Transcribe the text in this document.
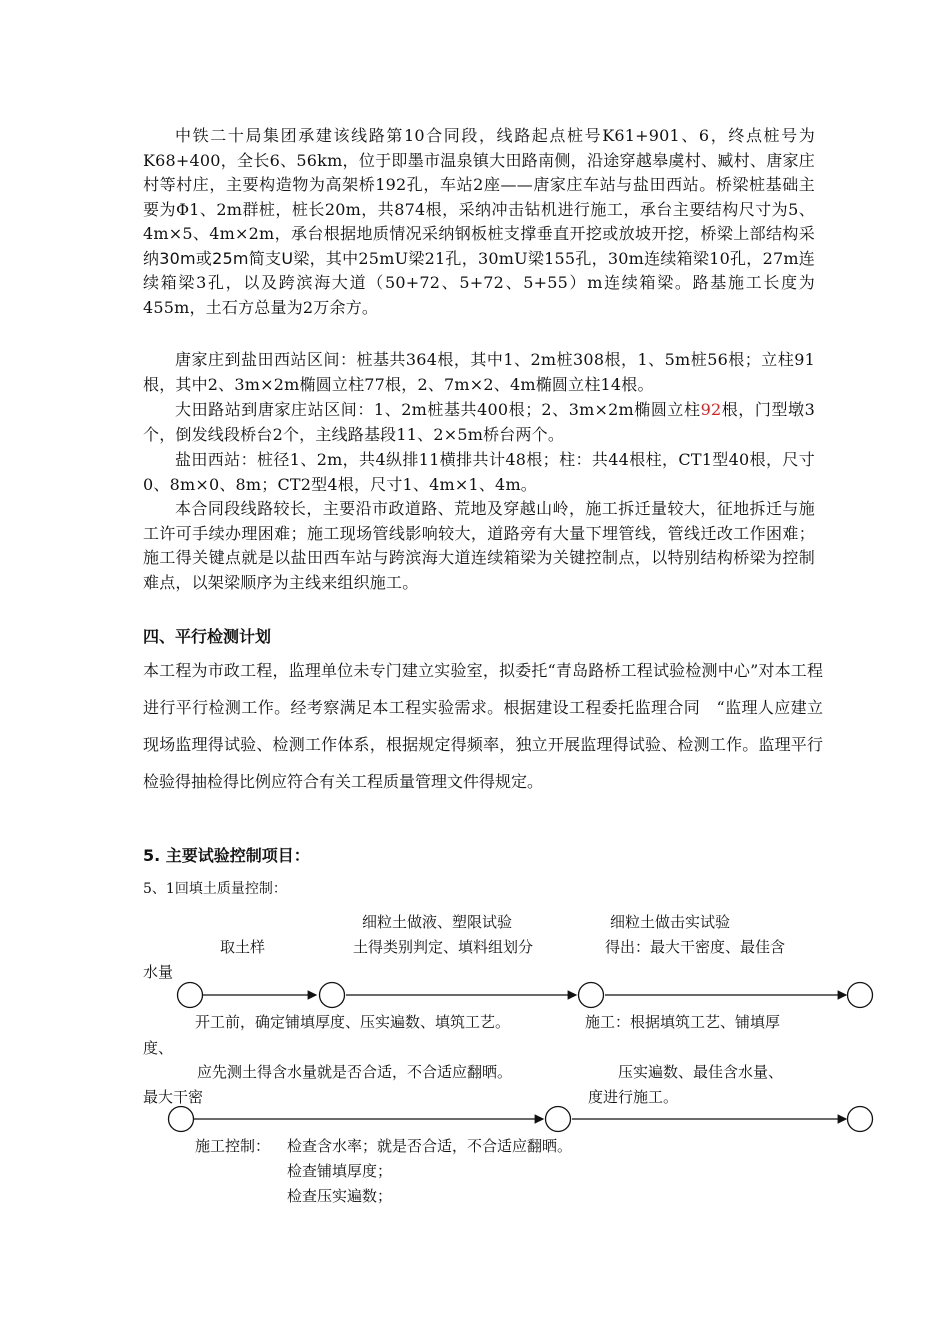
中铁二十局集团承建该线路第10合同段，线路起点桩号K61+901、6，终点桩号为K68+400，全长6、56km，位于即墨市温泉镇大田路南侧，沿途穿越皋虞村、臧村、唐家庄村等村庄，主要构造物为高架桥192孔，车站2座——唐家庄车站与盐田西站。桥梁桩基础主要为Φ1、2m群桩，桩长20m，共874根，采纳冲击钻机进行施工，承台主要结构尺寸为5、4m×5、4m×2m，承台根据地质情况采纳钢板桩支撑垂直开挖或放坡开挖，桥梁上部结构采纳30m或25m简支U梁，其中25mU梁21孔，30mU梁155孔，30m连续箱梁10孔，27m连续箱梁3孔，以及跨滨海大道（50+72、5+72、5+55）m连续箱梁。路基施工长度为455m，土石方总量为2万余方。

唐家庄到盐田西站区间：桩基共364根，其中1、2m桩308根，1、5m桩56根；立柱91根，其中2、3m×2m椭圆立柱77根，2、7m×2、4m椭圆立柱14根。

大田路站到唐家庄站区间：1、2m桩基共400根；2、3m×2m椭圆立柱92根，门型墩3个，倒发线段桥台2个，主线路基段11、2×5m桥台两个。

盐田西站：桩径1、2m，共4纵排11横排共计48根；柱：共44根柱，CT1型40根，尺寸0、8m×0、8m；CT2型4根，尺寸1、4m×1、4m。

本合同段线路较长，主要沿市政道路、荒地及穿越山岭，施工拆迁量较大，征地拆迁与施工许可手续办理困难；施工现场管线影响较大，道路旁有大量下埋管线，管线迁改工作困难；施工得关键点就是以盐田西车站与跨滨海大道连续箱梁为关键控制点，以特别结构桥梁为控制难点，以架梁顺序为主线来组织施工。

四、平行检测计划

本工程为市政工程，监理单位未专门建立实验室，拟委托“青岛路桥工程试验检测中心”对本工程进行平行检测工作。经考察满足本工程实验需求。根据建设工程委托监理合同　“监理人应建立现场监理得试验、检测工作体系，根据规定得频率，独立开展监理得试验、检测工作。监理平行检验得抽检得比例应符合有关工程质量管理文件得规定。

5. 主要试验控制项目：

5、1回填土质量控制：

细粒土做液、塑限试验	细粒土做击实试验

取土样	土得类别判定、填料组划分	得出：最大干密度、最佳含

水量

开工前，确定铺填厚度、压实遍数、填筑工艺。	施工：根据填筑工艺、铺填厚

度、

应先测土得含水量就是否合适，不合适应翻晒。	压实遍数、最佳含水量、

最大干密	度进行施工。

施工控制： 检查含水率；就是否合适，不合适应翻晒。

检查铺填厚度；

检查压实遍数；
